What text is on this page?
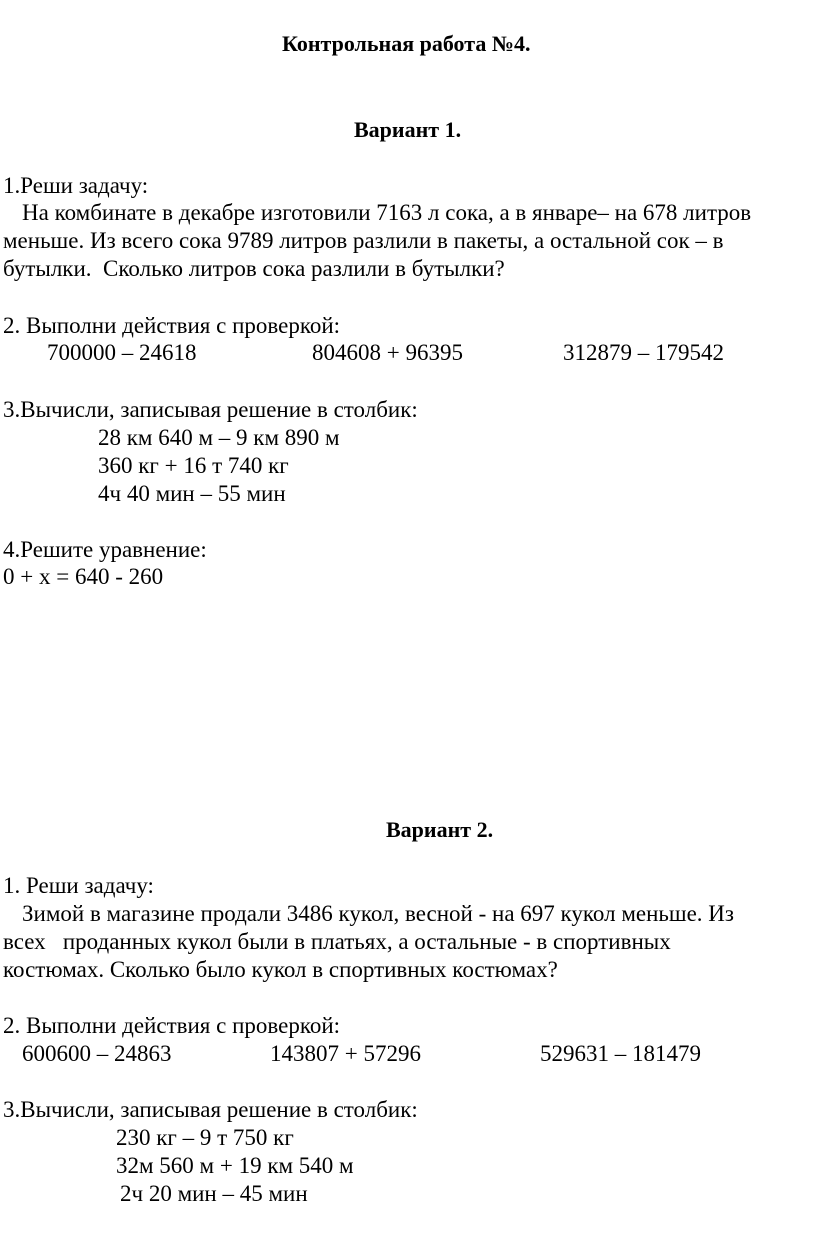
Контрольная работа №4.
Вариант 1.
1.Реши задачу:
На комбинате в декабре изготовили 7163 л сока, а в январе– на 678 литров
меньше. Из всего сока 9789 литров разлили в пакеты, а остальной сок – в
бутылки.  Сколько литров сока разлили в бутылки?
2. Выполни действия с проверкой:
700000 – 24618	804608 + 96395	312879 – 179542
3.Вычисли, записывая решение в столбик:
28 км 640 м – 9 км 890 м
360 кг + 16 т 740 кг
4ч 40 мин – 55 мин
4.Решите уравнение:
0 + х = 640 - 260
Вариант 2.
1. Реши задачу:
Зимой в магазине продали 3486 кукол, весной - на 697 кукол меньше. Из
всех   проданных кукол были в платьях, а остальные - в спортивных
костюмах. Сколько было кукол в спортивных костюмах?
2. Выполни действия с проверкой:
600600 – 24863	143807 + 57296	529631 – 181479
3.Вычисли, записывая решение в столбик:
230 кг – 9 т 750 кг
32м 560 м + 19 км 540 м
2ч 20 мин – 45 мин
